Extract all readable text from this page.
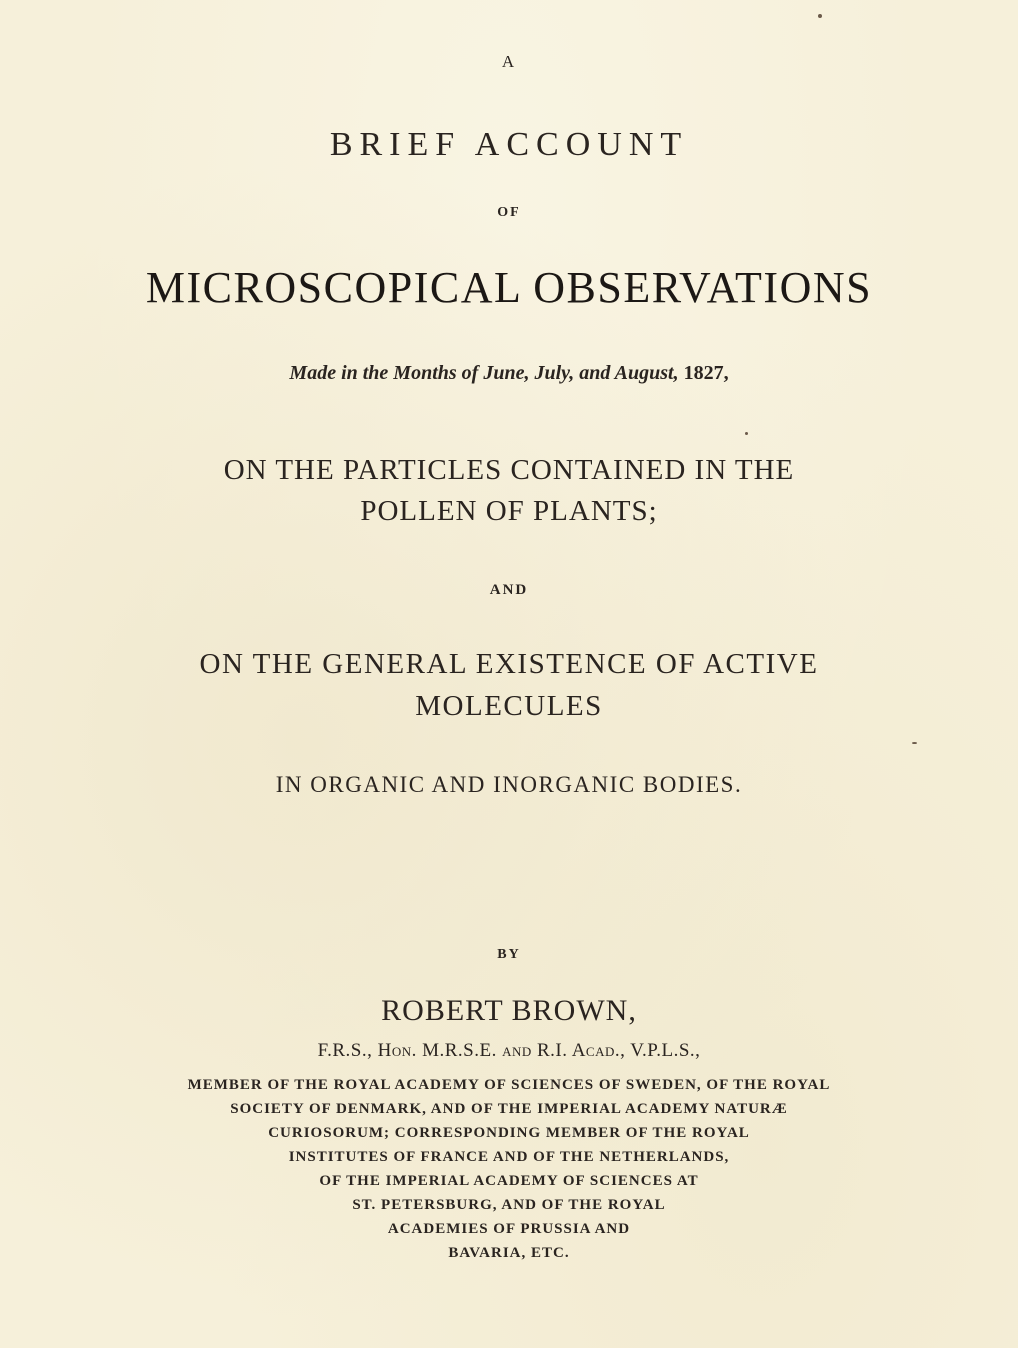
A

BRIEF ACCOUNT

OF

MICROSCOPICAL OBSERVATIONS

Made in the Months of June, July, and August, 1827,

ON THE PARTICLES CONTAINED IN THE

POLLEN OF PLANTS;

AND

ON THE GENERAL EXISTENCE OF ACTIVE

MOLECULES

IN ORGANIC AND INORGANIC BODIES.

BY

ROBERT BROWN,

F.R.S., Hon. M.R.S.E. and R.I. Acad., V.P.L.S.,

MEMBER OF THE ROYAL ACADEMY OF SCIENCES OF SWEDEN, OF THE ROYAL

SOCIETY OF DENMARK, AND OF THE IMPERIAL ACADEMY NATURÆ

CURIOSORUM; CORRESPONDING MEMBER OF THE ROYAL

INSTITUTES OF FRANCE AND OF THE NETHERLANDS,

OF THE IMPERIAL ACADEMY OF SCIENCES AT

ST. PETERSBURG, AND OF THE ROYAL

ACADEMIES OF PRUSSIA AND

BAVARIA, ETC.
